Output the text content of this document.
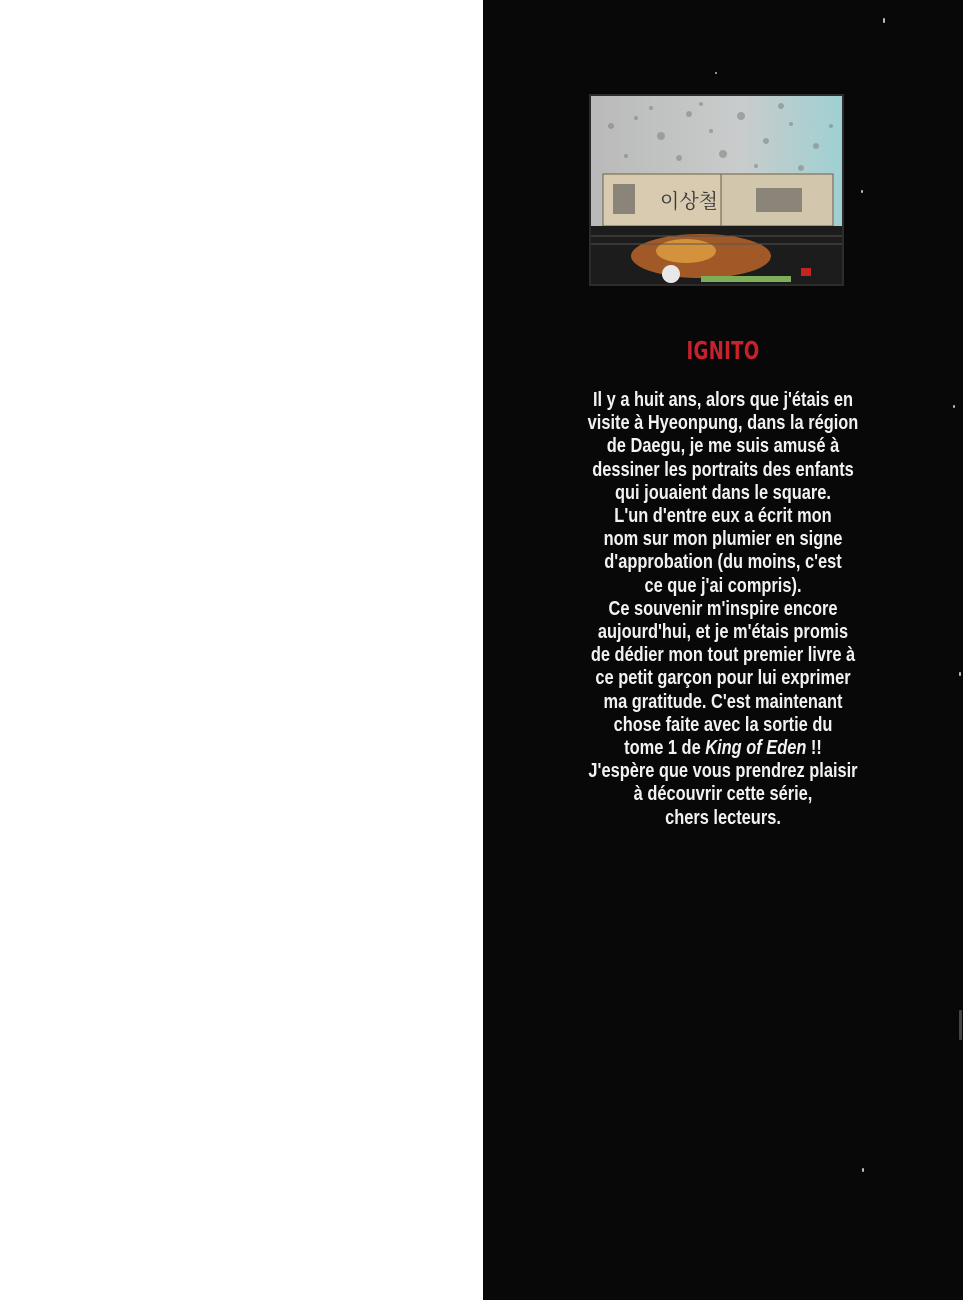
이상철
IGNITO
Il y a huit ans, alors que j'étais en
visite à Hyeonpung, dans la région
de Daegu, je me suis amusé à
dessiner les portraits des enfants
qui jouaient dans le square.
L'un d'entre eux a écrit mon
nom sur mon plumier en signe
d'approbation (du moins, c'est
ce que j'ai compris).
Ce souvenir m'inspire encore
aujourd'hui, et je m'étais promis
de dédier mon tout premier livre à
ce petit garçon pour lui exprimer
ma gratitude. C'est maintenant
chose faite avec la sortie du
tome 1 de King of Eden !!
J'espère que vous prendrez plaisir
à découvrir cette série,
chers lecteurs.
